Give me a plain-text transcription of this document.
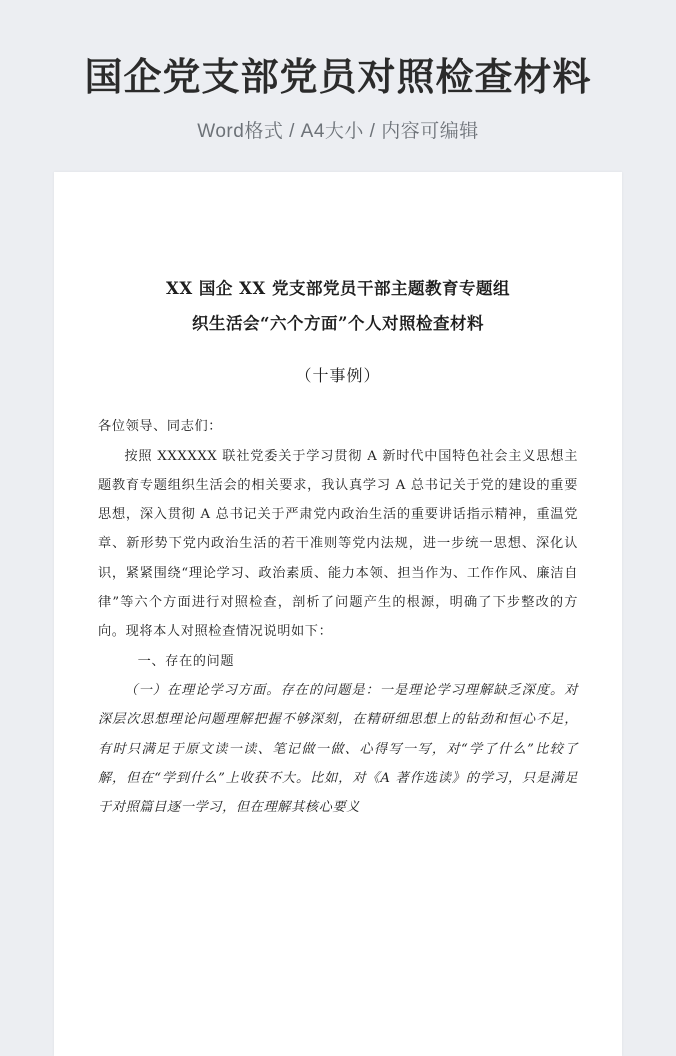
国企党支部党员对照检查材料
Word格式 / A4大小 / 内容可编辑
XX 国企 XX 党支部党员干部主题教育专题组
织生活会“六个方面”个人对照检查材料
（十事例）

各位领导、同志们：

按照 XXXXXX 联社党委关于学习贯彻 A 新时代中国特色社会主义思想主题教育专题组织生活会的相关要求，我认真学习 A 总书记关于党的建设的重要思想，深入贯彻 A 总书记关于严肃党内政治生活的重要讲话指示精神，重温党章、新形势下党内政治生活的若干准则等党内法规，进一步统一思想、深化认识，紧紧围绕“理论学习、政治素质、能力本领、担当作为、工作作风、廉洁自律”等六个方面进行对照检查，剖析了问题产生的根源，明确了下步整改的方向。现将本人对照检查情况说明如下：

一、存在的问题

（一）在理论学习方面。存在的问题是：一是理论学习理解缺乏深度。对深层次思想理论问题理解把握不够深刻，在精研细思想上的钻劲和恒心不足，有时只满足于原文读一读、笔记做一做、心得写一写，对“学了什么”比较了解，但在“学到什么”上收获不大。比如，对《A 著作选读》的学习，只是满足于对照篇目逐一学习，但在理解其核心要义
